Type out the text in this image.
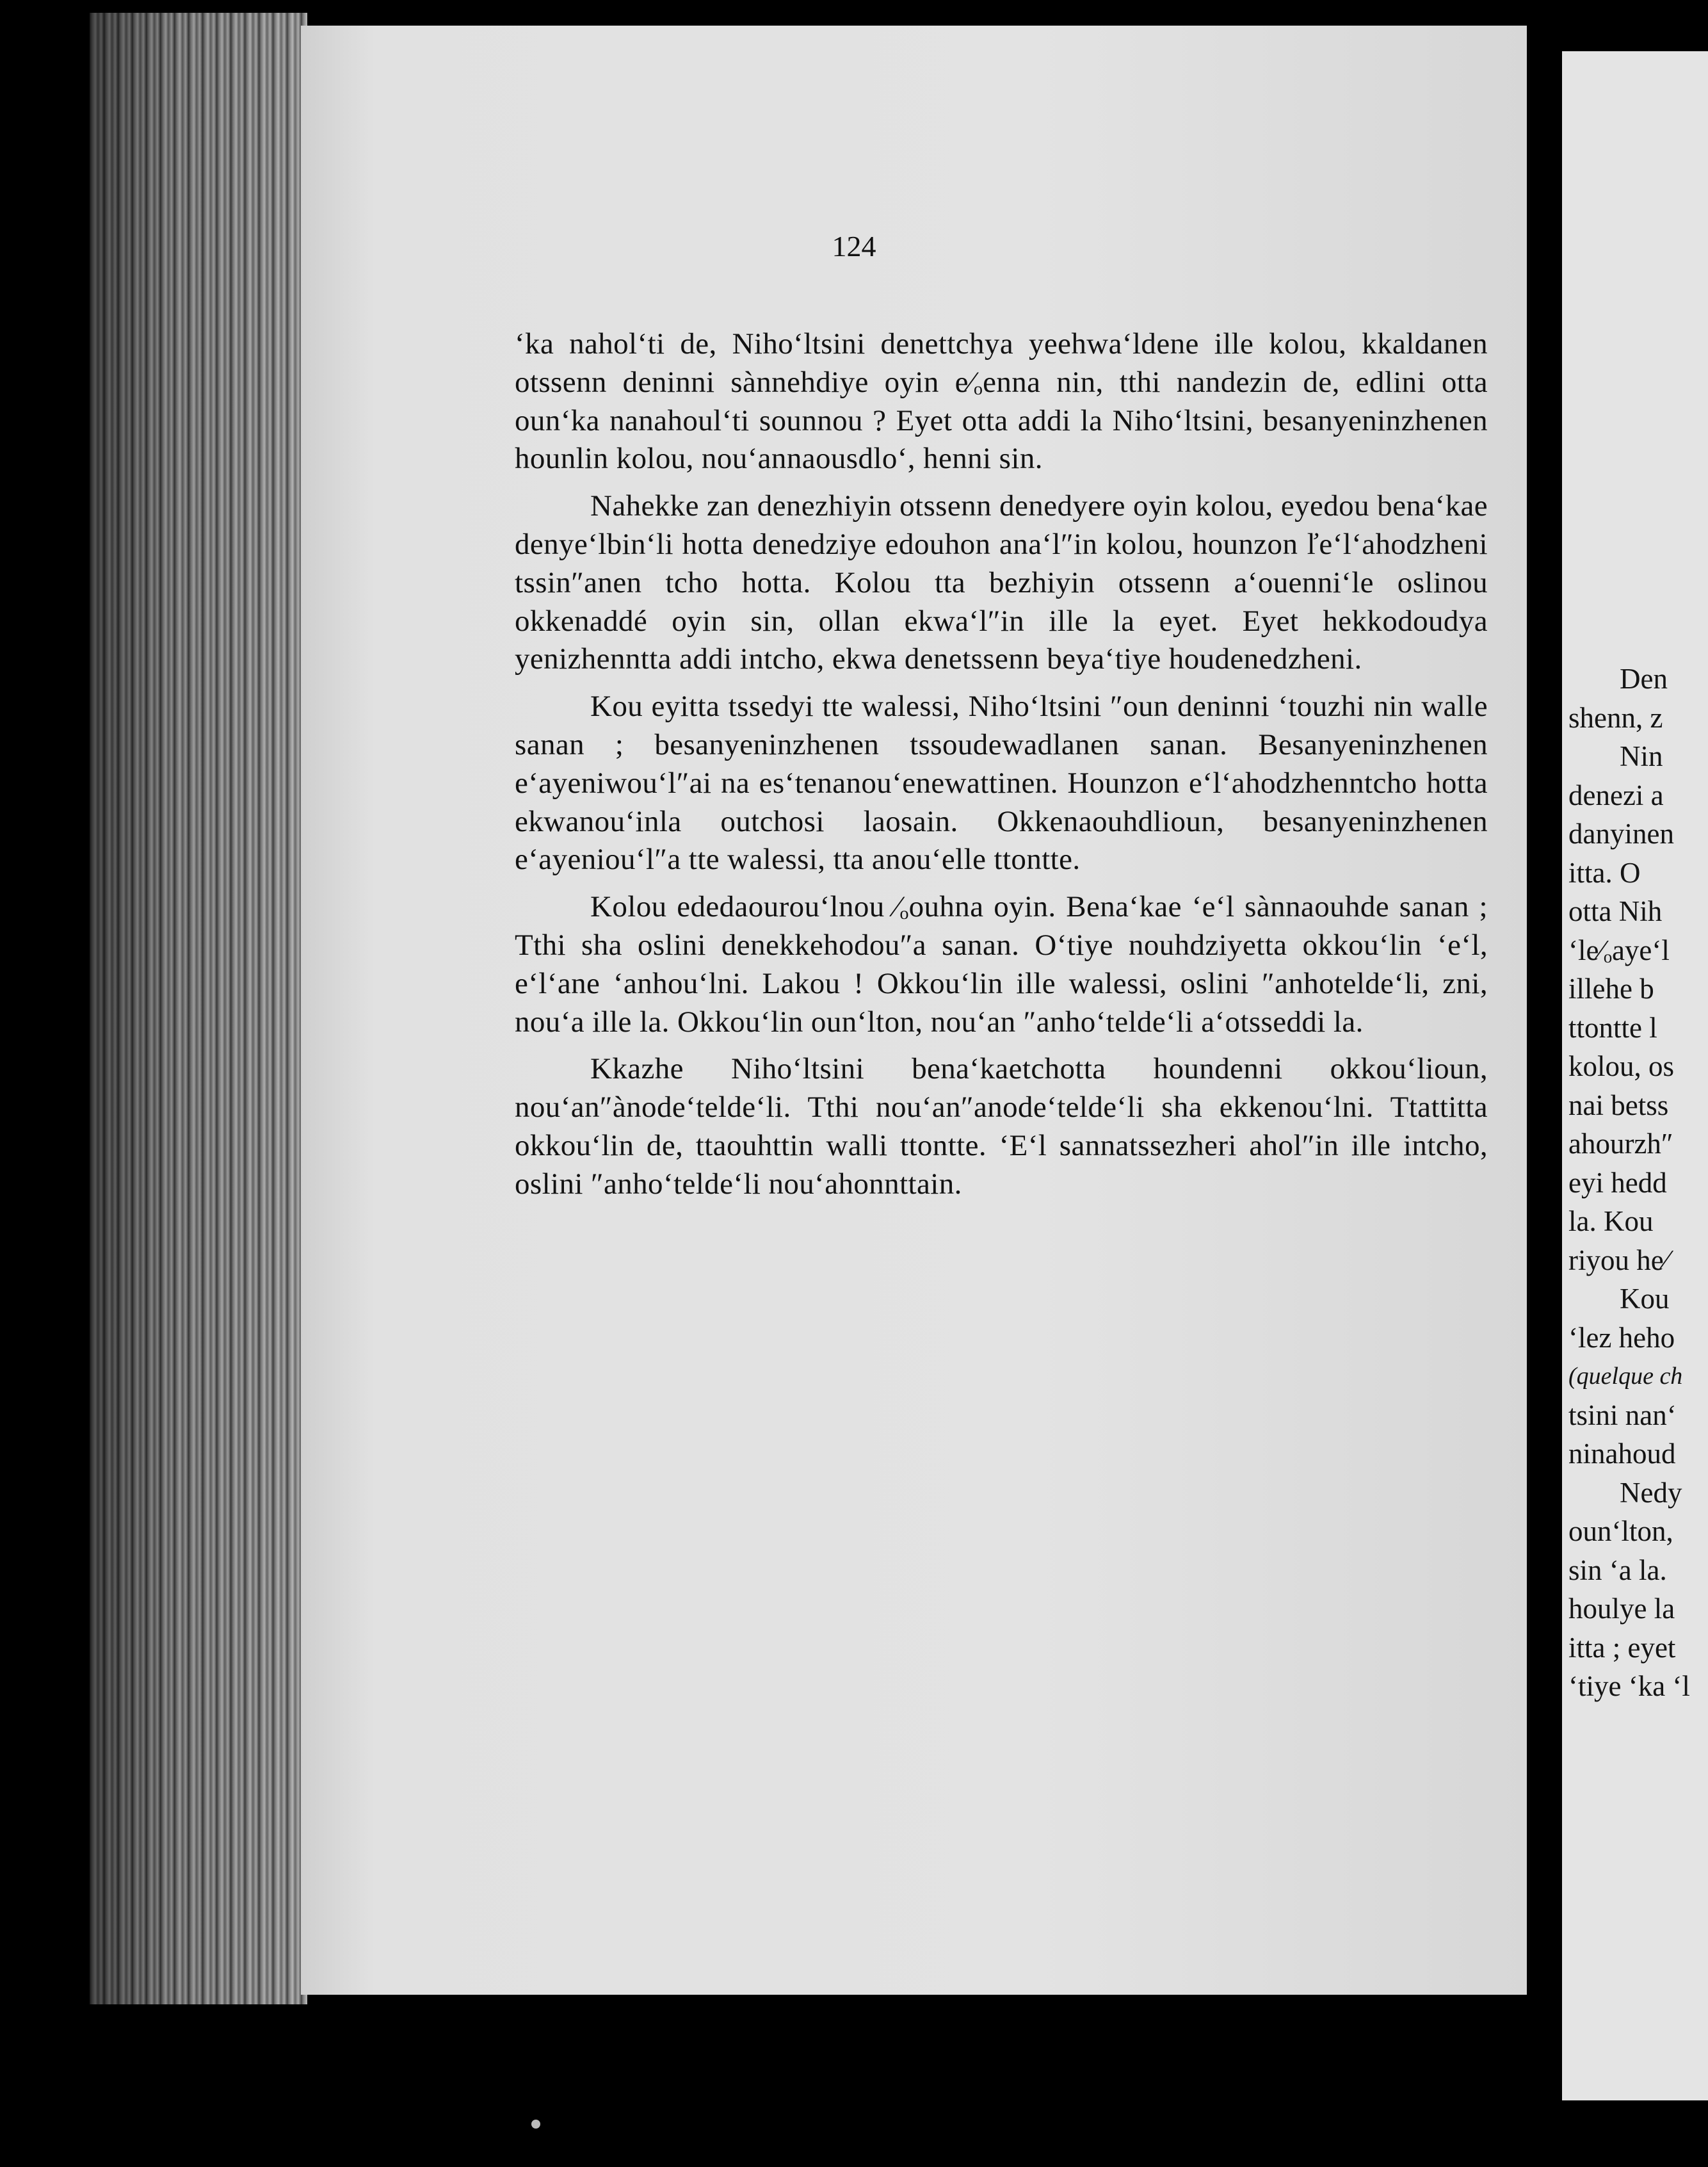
124

‘ka nahol‘ti de, Niho‘ltsini denettchya yeehwa‘ldene ille kolou, kkaldanen otssenn deninni sànnehdiye oyin e⁄ₒenna nin, tthi nandezin de, edlini otta oun‘ka nanahoul‘ti sounnou ? Eyet otta addi la Niho‘ltsini, besanyeninzhenen hounlin kolou, nou‘annaousdlo‘, henni sin.

Nahekke zan denezhiyin otssenn denedyere oyin kolou, eyedou bena‘kae denye‘lbin‘li hotta denedziye edouhon ana‘l″in kolou, hounzon ľe‘l‘ahodzheni tssin″anen tcho hotta. Kolou tta bezhiyin otssenn a‘ouenni‘le oslinou okkenaddé oyin sin, ollan ekwa‘l″in ille la eyet. Eyet hekkodoudya yenizhenntta addi intcho, ekwa denetssenn beya‘tiye houdenedzheni.

Kou eyitta tssedyi tte walessi, Niho‘ltsini ″oun deninni ‘touzhi nin walle sanan ; besanyeninzhenen tssoudewadlanen sanan. Besanyeninzhenen e‘ayeniwou‘l″ai na es‘tenanou‘enewattinen. Hounzon e‘l‘ahodzhenntcho hotta ekwanou‘inla outchosi laosain. Okkenaouhdlioun, besanyeninzhenen e‘ayeniou‘l″a tte walessi, tta anou‘elle ttontte.

Kolou ededaourou‘lnou ⁄ₒouhna oyin. Bena‘kae ‘e‘l sànnaouhde sanan ; Tthi sha oslini denekkehodou″a sanan. O‘tiye nouhdziyetta okkou‘lin ‘e‘l, e‘l‘ane ‘anhou‘lni. Lakou ! Okkou‘lin ille walessi, oslini ″anhotelde‘li, zni, nou‘a ille la. Okkou‘lin oun‘lton, nou‘an ″anho‘telde‘li a‘otsseddi la.

Kkazhe Niho‘ltsini bena‘kaetchotta houndenni okkou‘lioun, nou‘an″ànode‘telde‘li. Tthi nou‘an″anode‘telde‘li sha ekkenou‘lni. Ttattitta okkou‘lin de, ttaouhttin walli ttontte. ‘E‘l sannatssezheri ahol″in ille intcho, oslini ″anho‘telde‘li nou‘ahonnttain.

Den
shenn, z
Nin
denezi a
danyinen
itta. O
otta Nih
‘le⁄ₒaye‘l
illehe b
ttontte l
kolou, os
nai betss
ahourzh″
eyi hedd
la. Kou
riyou he⁄
Kou
‘lez heho
(quelque ch
tsini nan‘
ninahoud
Nedy
oun‘lton,
sin ‘a la.
houlye la
itta ; eyet
‘tiye ‘ka ‘l
